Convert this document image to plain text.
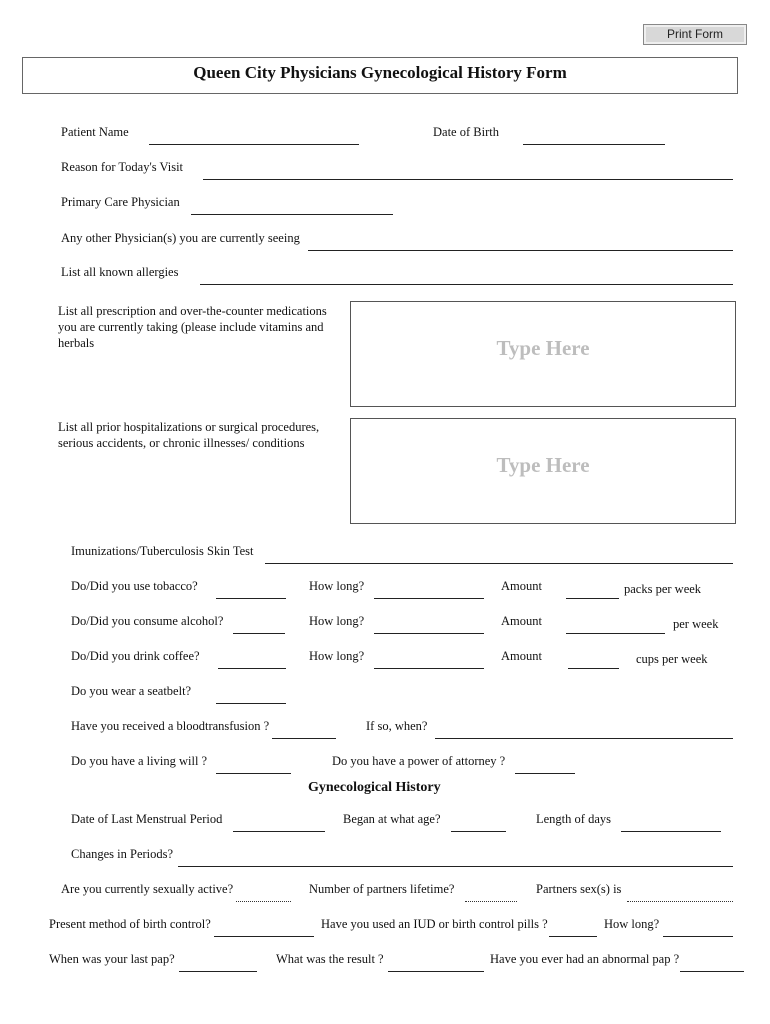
Print Form
Queen City Physicians Gynecological History Form
Patient Name	Date of Birth
Reason for Today's Visit
Primary Care Physician
Any other Physician(s) you are currently seeing
List all known allergies
List all prescription and over-the-counter medications you are currently taking (please include vitamins and herbals	Type Here
List all prior hospitalizations or surgical procedures, serious accidents, or chronic illnesses/ conditions
Type Here
Imunizations/Tuberculosis Skin Test
Do/Did you use tobacco?	How long?	Amount	packs per week
Do/Did you consume alcohol?	How long?	Amount	per week
Do/Did you drink coffee?	How long?	Amount	cups per week
Do you wear a seatbelt?
Have you received a bloodtransfusion ?	If so, when?
Do you have a living will ?	Do you have a power of attorney ?
Gynecological History
Date of Last Menstrual Period	Began at what age?	Length of days
Changes in Periods?
Are you currently sexually active?	Number of partners lifetime?	Partners sex(s) is
Present method of birth control?	Have you used an IUD or birth control pills ?	How long?
When was your last pap?	What was the result ?	Have you ever had an abnormal pap ?
